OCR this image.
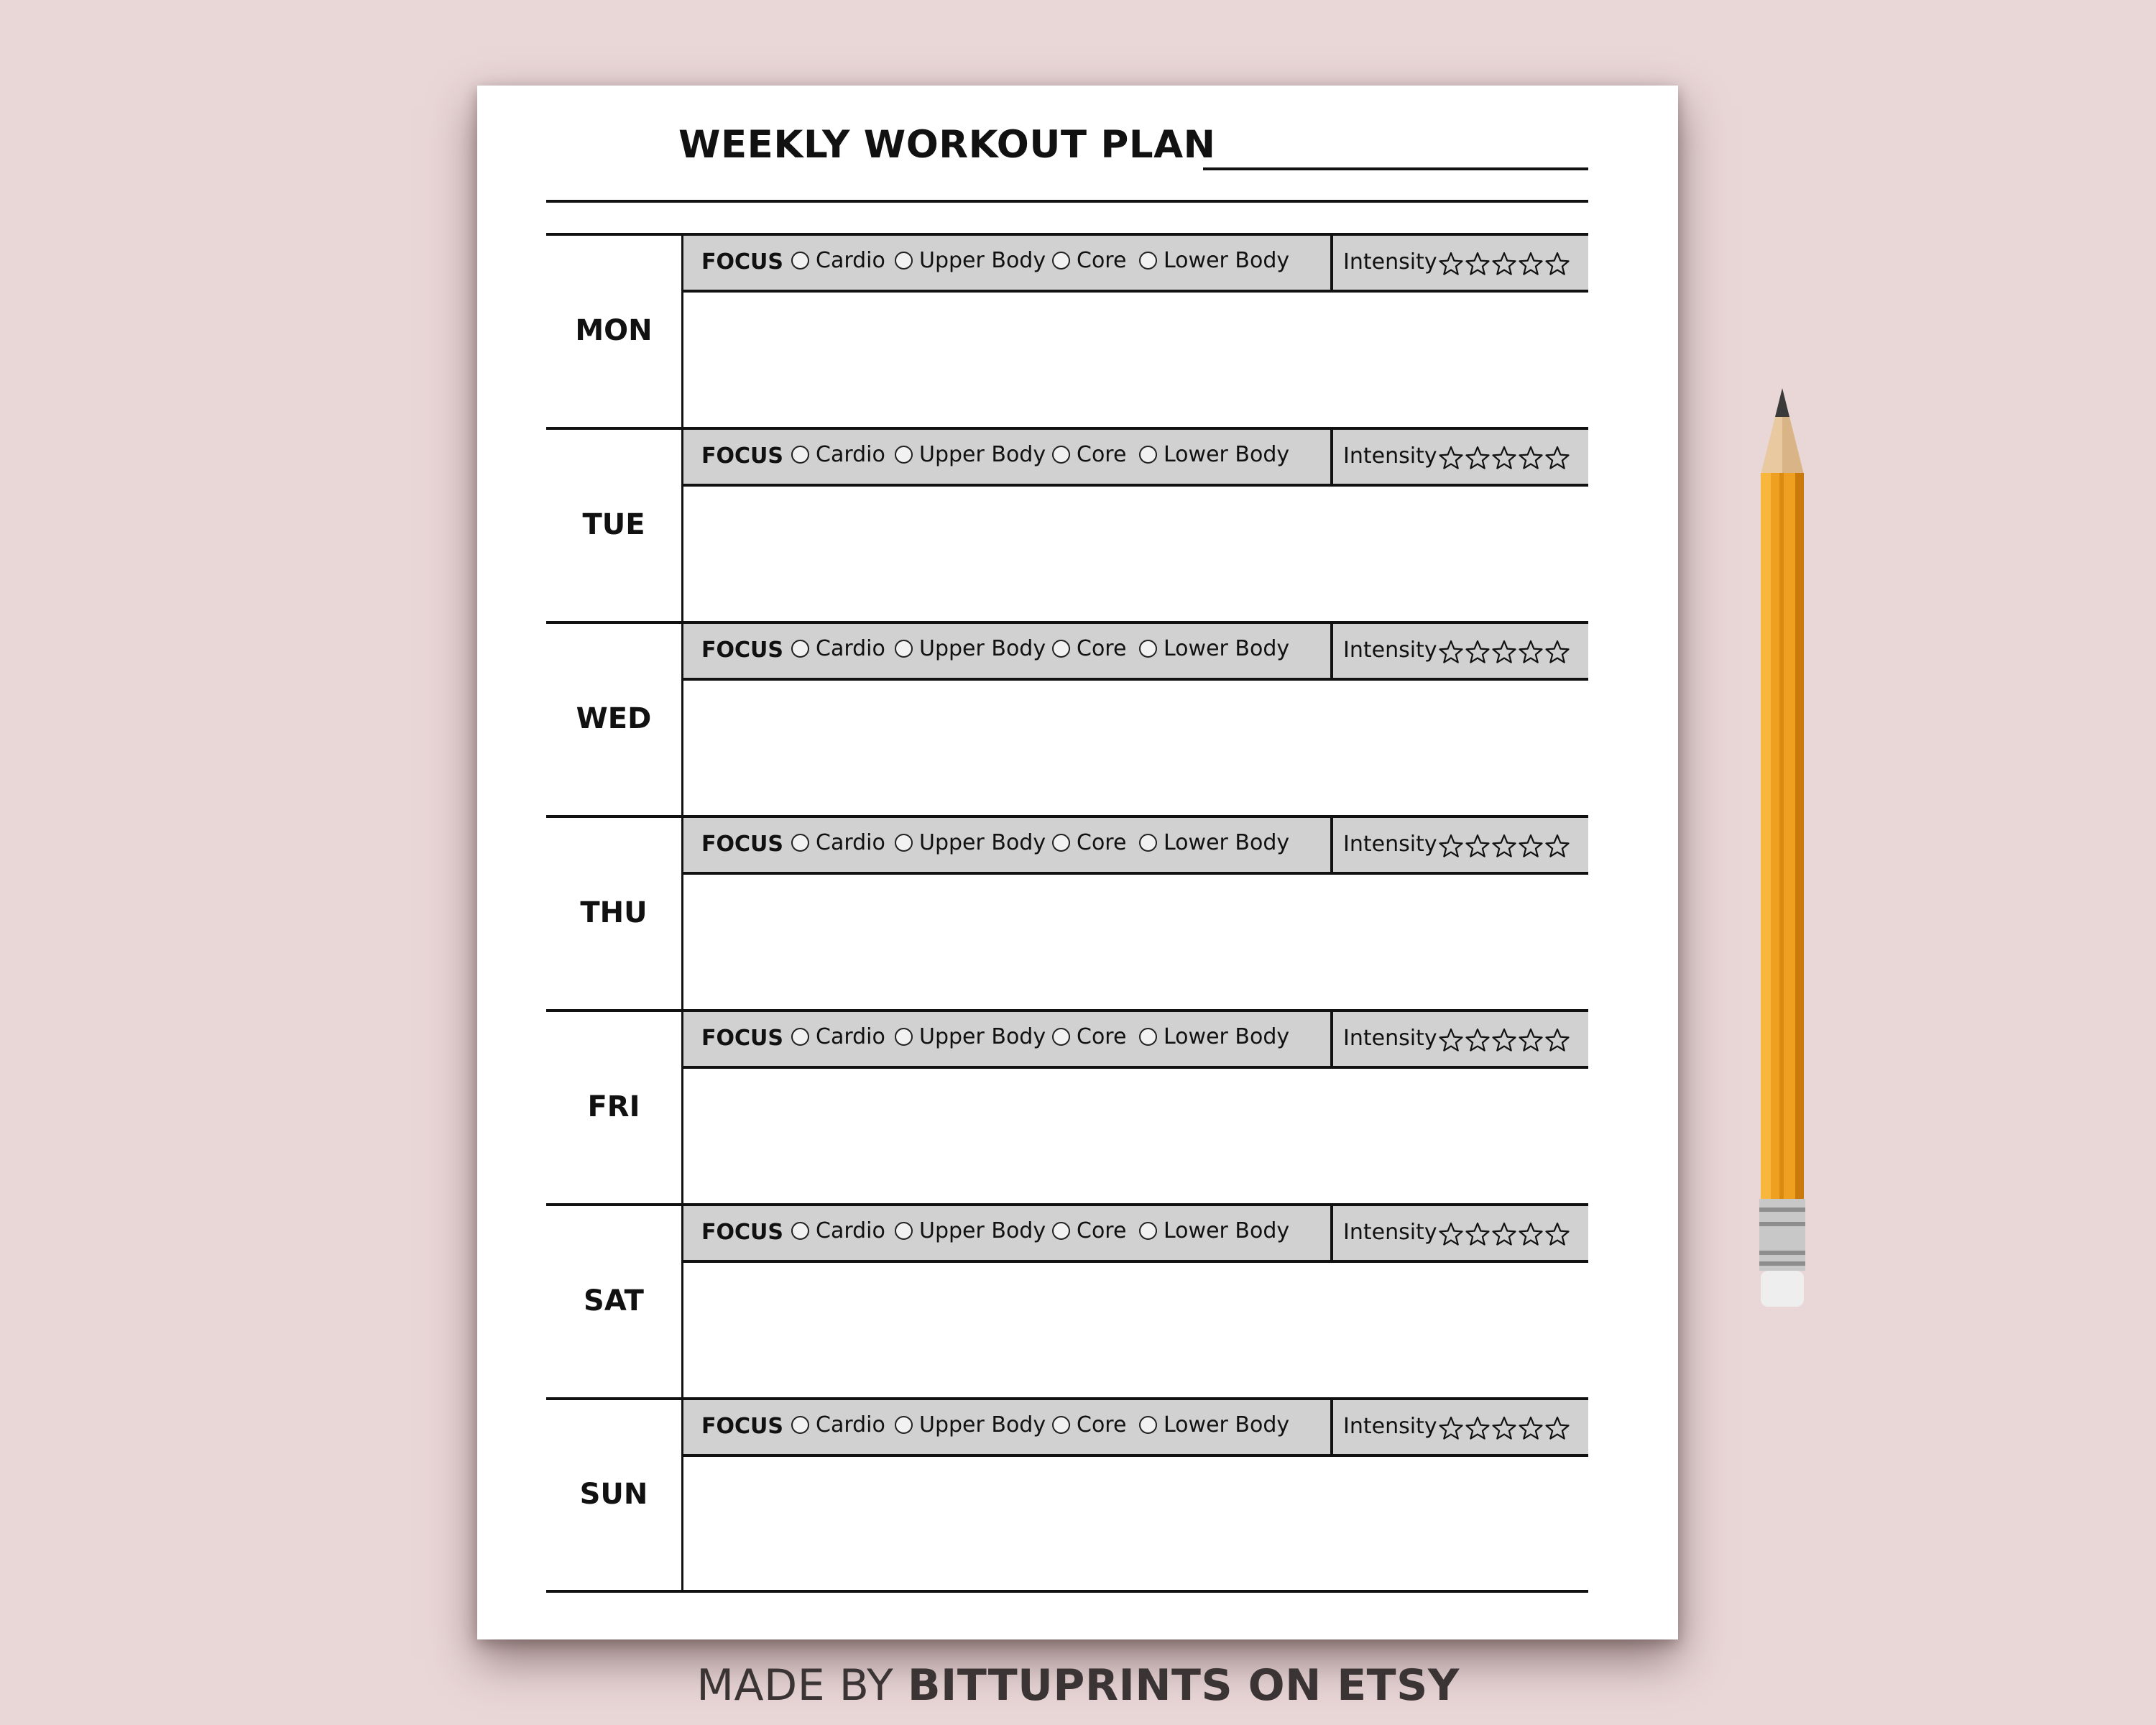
WEEKLY WORKOUT PLAN
MON
FOCUS	Cardio	Upper Body	Core	Lower Body Intensity
TUE
FOCUS	Cardio	Upper Body	Core	Lower Body Intensity
WED
FOCUS	Cardio	Upper Body	Core	Lower Body Intensity
THU
FOCUS	Cardio	Upper Body	Core	Lower Body Intensity
FRI
FOCUS	Cardio	Upper Body	Core	Lower Body Intensity
SAT
FOCUS	Cardio	Upper Body	Core	Lower Body Intensity
SUN
FOCUS	Cardio	Upper Body	Core	Lower Body Intensity
MADE BY BITTUPRINTS ON ETSY
